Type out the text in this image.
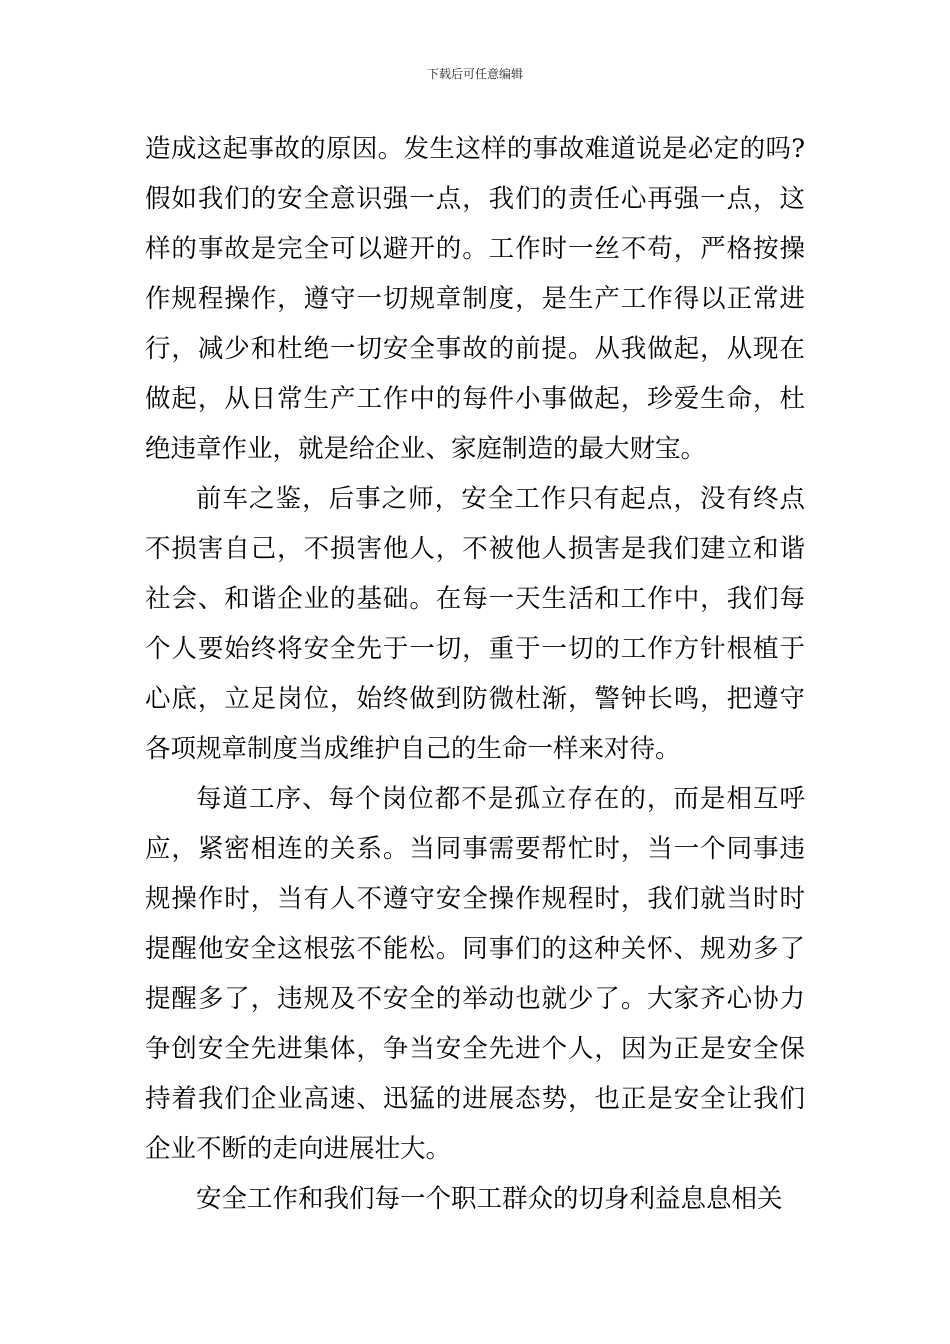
下载后可任意编辑

造成这起事故的原因。发生这样的事故难道说是必定的吗?假如我们的安全意识强一点，我们的责任心再强一点，这样的事故是完全可以避开的。工作时一丝不苟，严格按操作规程操作，遵守一切规章制度，是生产工作得以正常进行，减少和杜绝一切安全事故的前提。从我做起，从现在做起，从日常生产工作中的每件小事做起，珍爱生命，杜绝违章作业，就是给企业、家庭制造的最大财宝。

前车之鉴，后事之师，安全工作只有起点，没有终点不损害自己，不损害他人，不被他人损害是我们建立和谐社会、和谐企业的基础。在每一天生活和工作中，我们每个人要始终将安全先于一切，重于一切的工作方针根植于心底，立足岗位，始终做到防微杜渐，警钟长鸣，把遵守各项规章制度当成维护自己的生命一样来对待。

每道工序、每个岗位都不是孤立存在的，而是相互呼应，紧密相连的关系。当同事需要帮忙时，当一个同事违规操作时，当有人不遵守安全操作规程时，我们就当时时提醒他安全这根弦不能松。同事们的这种关怀、规劝多了提醒多了，违规及不安全的举动也就少了。大家齐心协力争创安全先进集体，争当安全先进个人，因为正是安全保持着我们企业高速、迅猛的进展态势，也正是安全让我们企业不断的走向进展壮大。

安全工作和我们每一个职工群众的切身利益息息相关
